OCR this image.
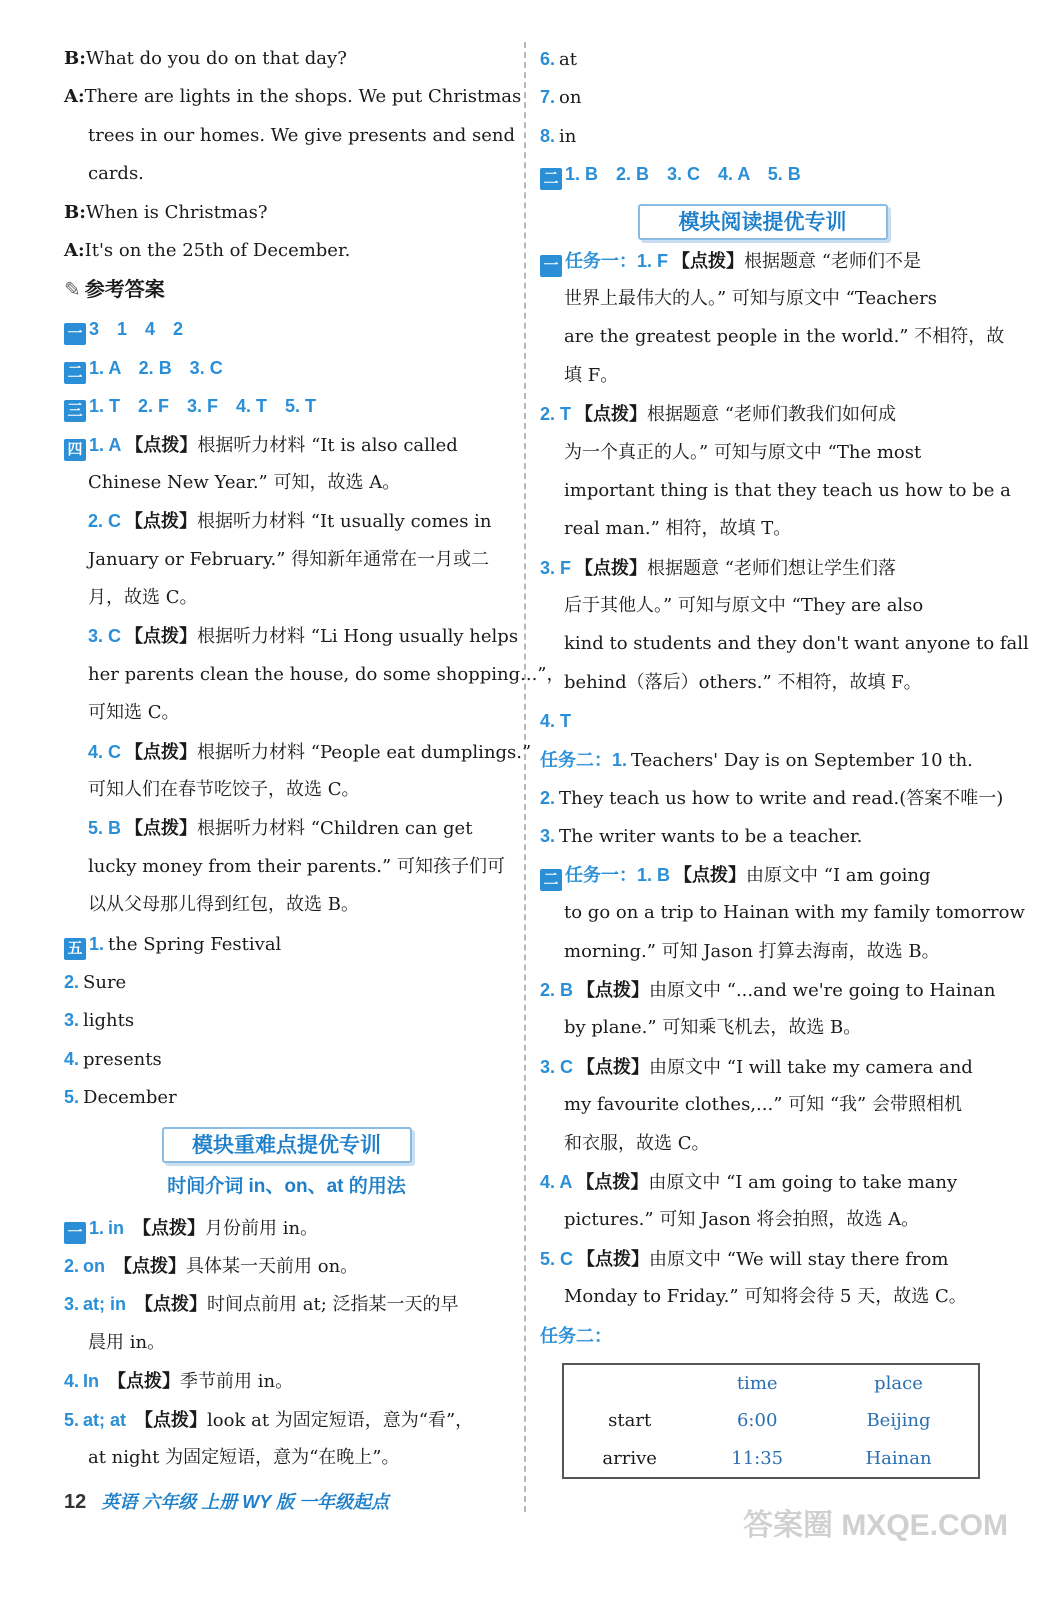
B:What do you do on that day?
A:There are lights in the shops. We put Christmas
trees in our homes. We give presents and send
cards.
B:When is Christmas?
A:It's on the 25th of December.
✎ 参考答案
一 3　1　4　2
二 1. A　2. B　3. C
三 1. T　2. F　3. F　4. T　5. T
四 1. A 【点拨】根据听力材料 “It is also called
Chinese New Year.” 可知，故选 A。
2. C 【点拨】根据听力材料 “It usually comes in
January or February.” 得知新年通常在一月或二
月，故选 C。
3. C 【点拨】根据听力材料 “Li Hong usually helps
her parents clean the house, do some shopping...”，
可知选 C。
4. C 【点拨】根据听力材料 “People eat dumplings.”
可知人们在春节吃饺子，故选 C。
5. B 【点拨】根据听力材料 “Children can get
lucky money from their parents.” 可知孩子们可
以从父母那儿得到红包，故选 B。
五 1. the Spring Festival
2. Sure
3. lights
4. presents
5. December
模块重难点提优专训
时间介词 in、on、at 的用法
一 1. in　 【点拨】月份前用 in。
2. on　 【点拨】具体某一天前用 on。
3. at; in　 【点拨】时间点前用 at; 泛指某一天的早
晨用 in。
4. In　 【点拨】季节前用 in。
5. at; at　 【点拨】look at 为固定短语，意为“看”，
at night 为固定短语，意为“在晚上”。
6. at
7. on
8. in
二 1. B　2. B　3. C　4. A　5. B
模块阅读提优专训
一 任务一：1. F 【点拨】根据题意 “老师们不是
世界上最伟大的人。” 可知与原文中 “Teachers
are the greatest people in the world.” 不相符，故
填 F。
2. T 【点拨】根据题意 “老师们教我们如何成
为一个真正的人。” 可知与原文中 “The most
important thing is that they teach us how to be a
real man.” 相符，故填 T。
3. F 【点拨】根据题意 “老师们想让学生们落
后于其他人。” 可知与原文中 “They are also
kind to students and they don't want anyone to fall
behind（落后）others.” 不相符，故填 F。
4. T
任务二：1. Teachers' Day is on September 10 th.
2. They teach us how to write and read.(答案不唯一)
3. The writer wants to be a teacher.
二 任务一：1. B 【点拨】由原文中 “I am going
to go on a trip to Hainan with my family tomorrow
morning.” 可知 Jason 打算去海南，故选 B。
2. B 【点拨】由原文中 “...and we're going to Hainan
by plane.” 可知乘飞机去，故选 B。
3. C 【点拨】由原文中 “I will take my camera and
my favourite clothes,...” 可知 “我” 会带照相机
和衣服，故选 C。
4. A 【点拨】由原文中 “I am going to take many
pictures.” 可知 Jason 将会拍照，故选 A。
5. C 【点拨】由原文中 “We will stay there from
Monday to Friday.” 可知将会待 5 天，故选 C。
任务二：
	time	place
start	6:00	Beijing
arrive	11:35	Hainan
12 英语 六年级 上册 WY 版 一年级起点
答案圈 MXQE.COM
